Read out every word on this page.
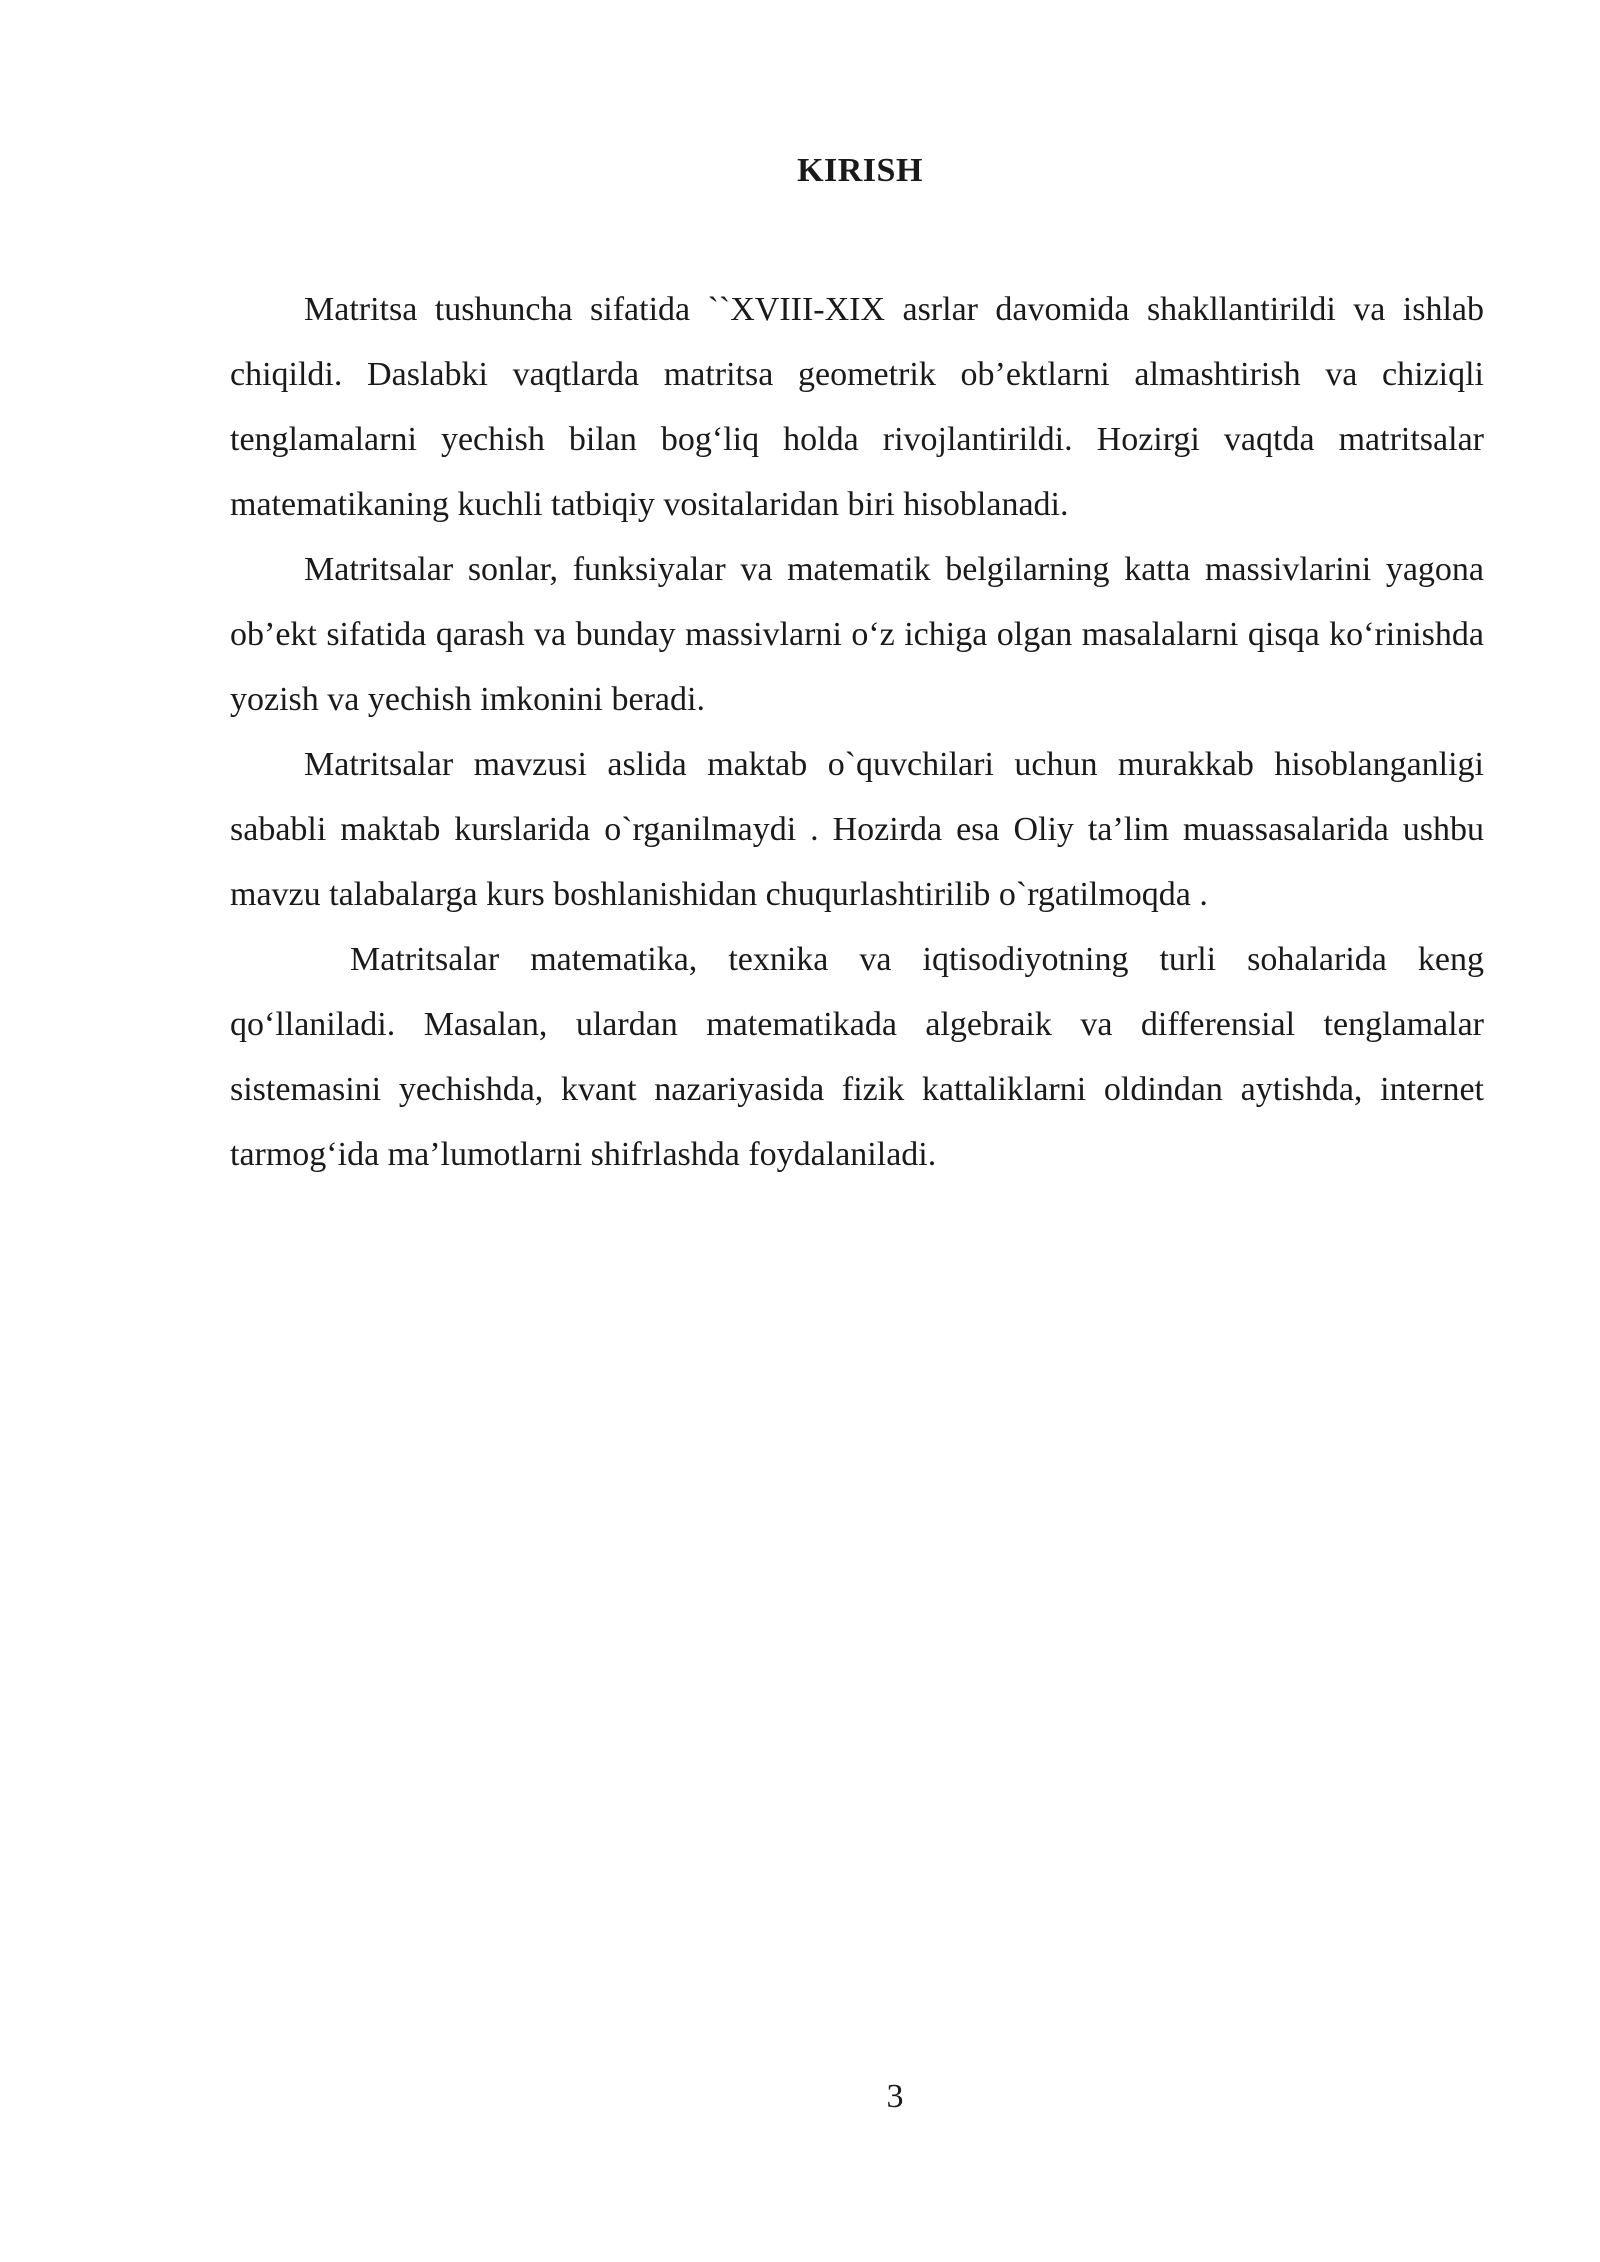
KIRISH

Matritsa tushuncha sifatida ``XVIII-XIX asrlar davomida shakllantirildi va ishlab chiqildi. Daslabki vaqtlarda matritsa geometrik ob’ektlarni almashtirish va chiziqli tenglamalarni yechish bilan bog‘liq holda rivojlantirildi. Hozirgi vaqtda matritsalar matematikaning kuchli tatbiqiy vositalaridan biri hisoblanadi.

Matritsalar sonlar, funksiyalar va matematik belgilarning katta massivlarini yagona ob’ekt sifatida qarash va bunday massivlarni o‘z ichiga olgan masalalarni qisqa ko‘rinishda yozish va yechish imkonini beradi.

Matritsalar mavzusi aslida maktab o`quvchilari uchun murakkab hisoblanganligi sababli maktab kurslarida o`rganilmaydi . Hozirda esa Oliy ta’lim muassasalarida ushbu mavzu talabalarga kurs boshlanishidan chuqurlashtirilib o`rgatilmoqda .

Matritsalar matematika, texnika va iqtisodiyotning turli sohalarida keng qo‘llaniladi. Masalan, ulardan matematikada algebraik va differensial tenglamalar sistemasini yechishda, kvant nazariyasida fizik kattaliklarni oldindan aytishda, internet tarmog‘ida ma’lumotlarni shifrlashda foydalaniladi.

3
